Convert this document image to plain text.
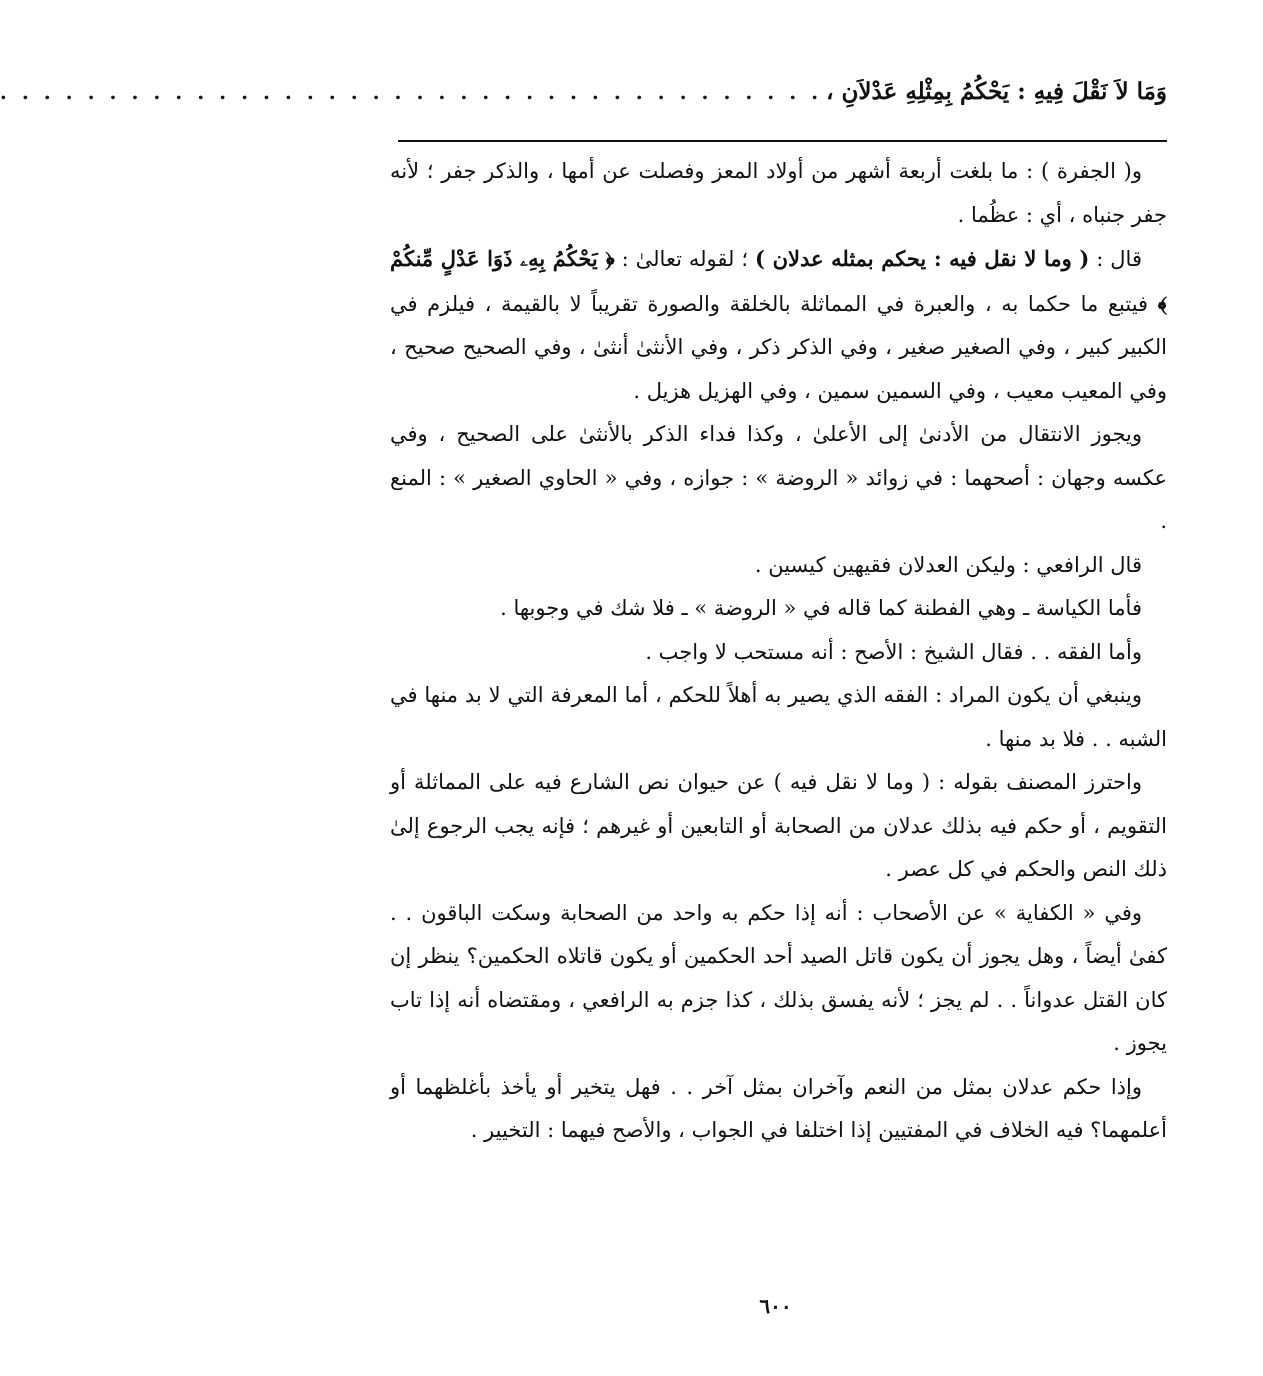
وَمَا لاَ نَقْلَ فِيهِ : يَحْكُمُ بِمِثْلِهِ عَدْلاَنِ ،
. . . . . . . . . . . . . . . . . . . . . . . . . . . . . . . . . . . . . .

و( الجفرة ) : ما بلغت أربعة أشهر من أولاد المعز وفصلت عن أمها ، والذكر جفر ؛ لأنه جفر جنباه ، أي : عظُما .

قال : ( وما لا نقل فيه : يحكم بمثله عدلان ) ؛ لقوله تعالىٰ : ﴿ يَحْكُمُ بِهِۦ ذَوَا عَدْلٍ مِّنكُمْ ﴾ فيتبع ما حكما به ، والعبرة في المماثلة بالخلقة والصورة تقريباً لا بالقيمة ، فيلزم في الكبير كبير ، وفي الصغير صغير ، وفي الذكر ذكر ، وفي الأنثىٰ أنثىٰ ، وفي الصحيح صحيح ، وفي المعيب معيب ، وفي السمين سمين ، وفي الهزيل هزيل .

ويجوز الانتقال من الأدنىٰ إلى الأعلىٰ ، وكذا فداء الذكر بالأنثىٰ على الصحيح ، وفي عكسه وجهان : أصحهما : في زوائد « الروضة » : جوازه ، وفي « الحاوي الصغير » : المنع .

قال الرافعي : وليكن العدلان فقيهين كيسين .

فأما الكياسة ـ وهي الفطنة كما قاله في « الروضة » ـ فلا شك في وجوبها .

وأما الفقه . . فقال الشيخ : الأصح : أنه مستحب لا واجب .

وينبغي أن يكون المراد : الفقه الذي يصير به أهلاً للحكم ، أما المعرفة التي لا بد منها في الشبه . . فلا بد منها .

واحترز المصنف بقوله : ( وما لا نقل فيه ) عن حيوان نص الشارع فيه على المماثلة أو التقويم ، أو حكم فيه بذلك عدلان من الصحابة أو التابعين أو غيرهم ؛ فإنه يجب الرجوع إلىٰ ذلك النص والحكم في كل عصر .

وفي « الكفاية » عن الأصحاب : أنه إذا حكم به واحد من الصحابة وسكت الباقون . . كفىٰ أيضاً ، وهل يجوز أن يكون قاتل الصيد أحد الحكمين أو يكون قاتلاه الحكمين؟ ينظر إن كان القتل عدواناً . . لم يجز ؛ لأنه يفسق بذلك ، كذا جزم به الرافعي ، ومقتضاه أنه إذا تاب يجوز .

وإذا حكم عدلان بمثل من النعم وآخران بمثل آخر . . فهل يتخير أو يأخذ بأغلظهما أو أعلمهما؟ فيه الخلاف في المفتيين إذا اختلفا في الجواب ، والأصح فيهما : التخيير .

٦٠٠
